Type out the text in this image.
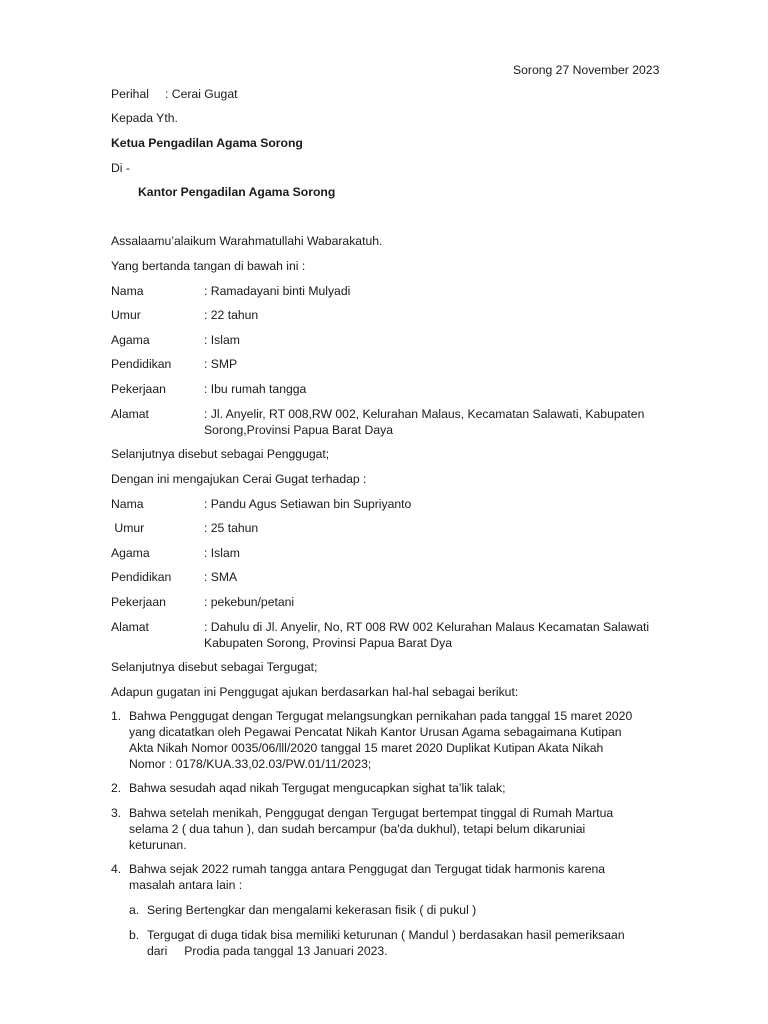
Sorong 27 November 2023
Perihal : Cerai Gugat
Kepada Yth.
Ketua Pengadilan Agama Sorong
Di -
Kantor Pengadilan Agama Sorong
Assalaamu’alaikum Warahmatullahi Wabarakatuh.
Yang bertanda tangan di bawah ini :
Nama	: Ramadayani binti Mulyadi
Umur	: 22 tahun
Agama	: Islam
Pendidikan	: SMP
Pekerjaan	: Ibu rumah tangga
Alamat	: Jl. Anyelir, RT 008,RW 002, Kelurahan Malaus, Kecamatan Salawati, Kabupaten
Sorong,Provinsi Papua Barat Daya
Selanjutnya disebut sebagai Penggugat;
Dengan ini mengajukan Cerai Gugat terhadap :
Nama	: Pandu Agus Setiawan bin Supriyanto
Umur	: 25 tahun
Agama	: Islam
Pendidikan	: SMA
Pekerjaan	: pekebun/petani
Alamat	: Dahulu di Jl. Anyelir, No, RT 008 RW 002 Kelurahan Malaus Kecamatan Salawati
Kabupaten Sorong, Provinsi Papua Barat Dya
Selanjutnya disebut sebagai Tergugat;
Adapun gugatan ini Penggugat ajukan berdasarkan hal-hal sebagai berikut:
1. Bahwa Penggugat dengan Tergugat melangsungkan pernikahan pada tanggal 15 maret 2020
yang dicatatkan oleh Pegawai Pencatat Nikah Kantor Urusan Agama sebagaimana Kutipan
Akta Nikah Nomor 0035/06/lll/2020 tanggal 15 maret 2020 Duplikat Kutipan Akata Nikah
Nomor : 0178/KUA.33,02.03/PW.01/11/2023;
2. Bahwa sesudah aqad nikah Tergugat mengucapkan sighat ta’lik talak;
3. Bahwa setelah menikah, Penggugat dengan Tergugat bertempat tinggal di Rumah Martua
selama 2 ( dua tahun ), dan sudah bercampur (ba'da dukhul), tetapi belum dikaruniai
keturunan.
4. Bahwa sejak 2022 rumah tangga antara Penggugat dan Tergugat tidak harmonis karena
masalah antara lain :
a. Sering Bertengkar dan mengalami kekerasan fisik ( di pukul )
b. Tergugat di duga tidak bisa memiliki keturunan ( Mandul ) berdasakan hasil pemeriksaan
dari     Prodia pada tanggal 13 Januari 2023.
